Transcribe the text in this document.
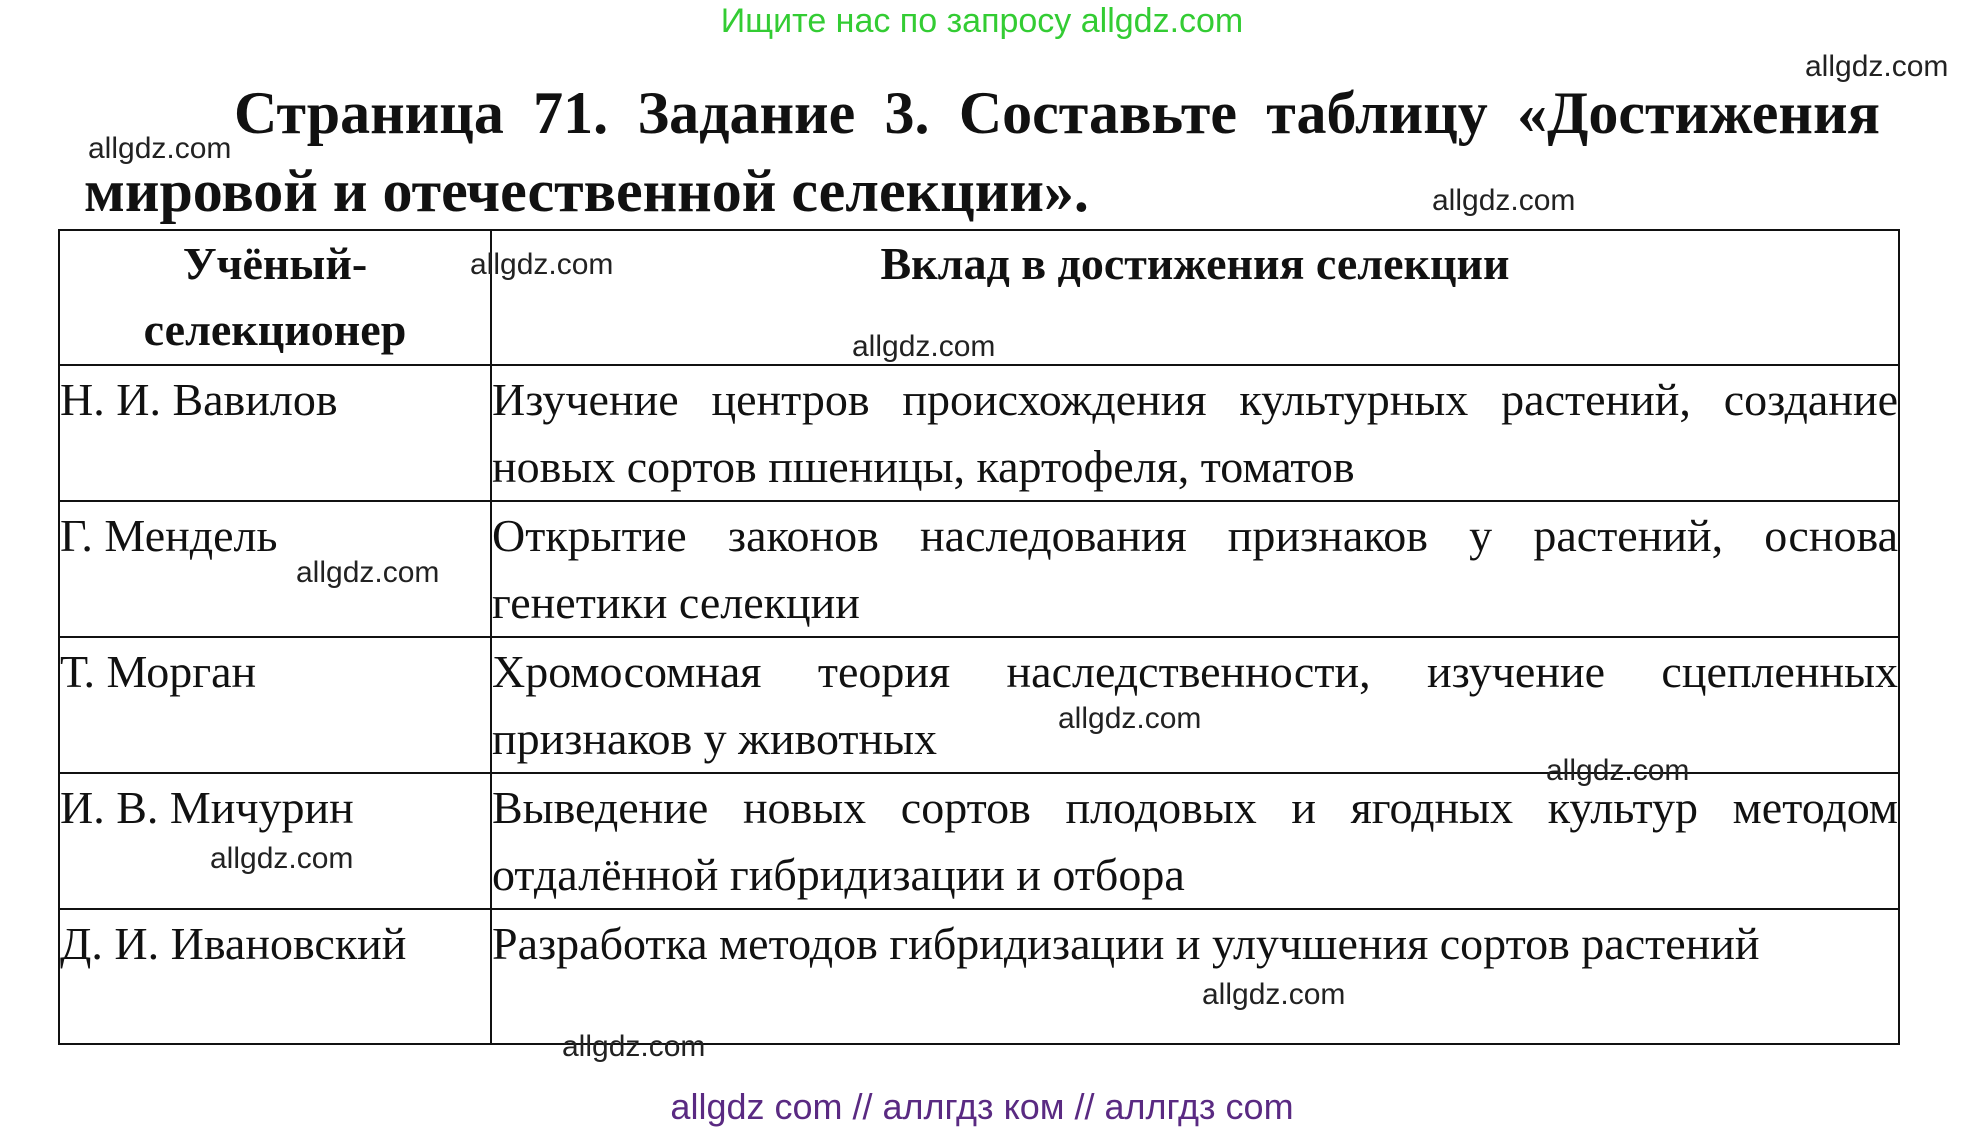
Ищите нас по запросу allgdz.com
Страница 71. Задание 3. Составьте таблицу «Достижения
мировой и отечественной селекции».
Учёный-селекционер	Вклад в достижения селекции
Н. И. Вавилов	Изучение центров происхождения культурных растений, создание новых сортов пшеницы, картофеля, томатов
Г. Мендель	Открытие законов наследования признаков у растений, основа генетики селекции
Т. Морган	Хромосомная теория наследственности, изучение сцепленных признаков у животных
И. В. Мичурин	Выведение новых сортов плодовых и ягодных культур методом отдалённой гибридизации и отбора
Д. И. Ивановский	Разработка методов гибридизации и улучшения сортов растений
allgdz.com
allgdz.com
allgdz.com
allgdz.com
allgdz.com
allgdz.com
allgdz.com
allgdz.com
allgdz.com
allgdz.com
allgdz.com
allgdz com // аллгдз ком // аллгдз com
